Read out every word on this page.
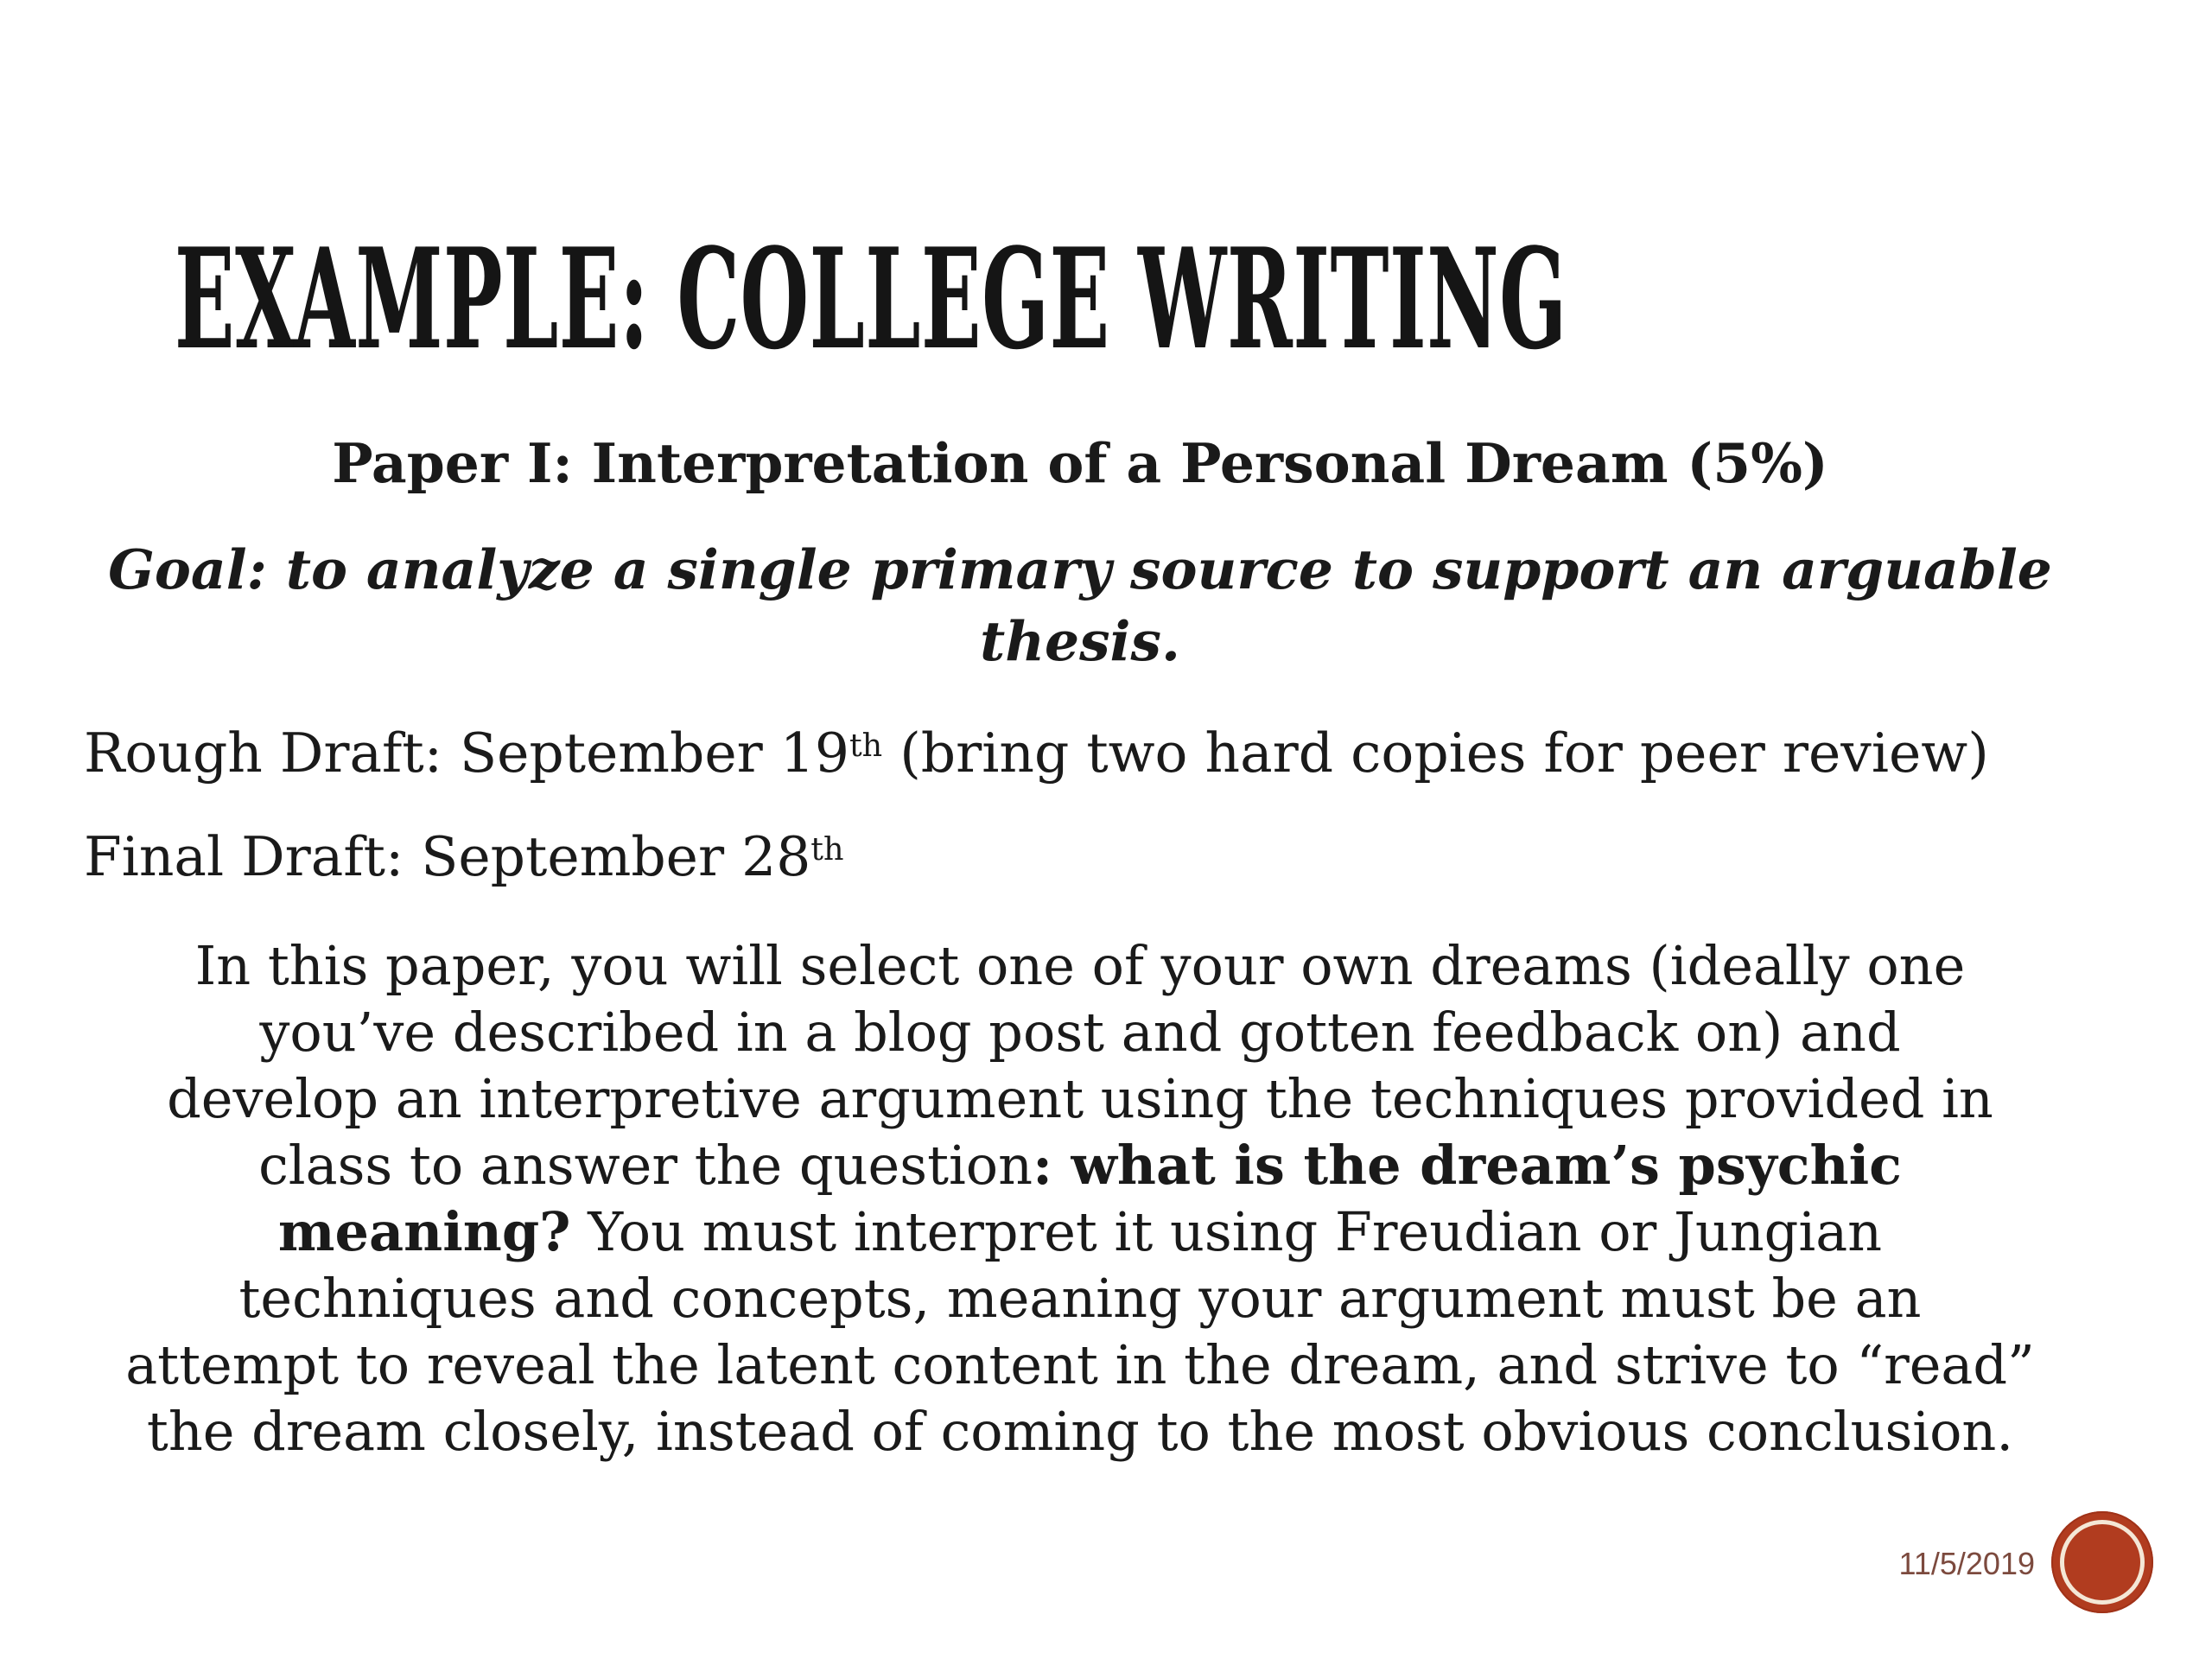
EXAMPLE: COLLEGE WRITING
Paper I: Interpretation of a Personal Dream (5%)
Goal: to analyze a single primary source to support an arguable
thesis.
Rough Draft: September 19th (bring two hard copies for peer review)
Final Draft: September 28th
In this paper, you will select one of your own dreams (ideally one
you’ve described in a blog post and gotten feedback on) and
develop an interpretive argument using the techniques provided in
class to answer the question: what is the dream’s psychic
meaning? You must interpret it using Freudian or Jungian
techniques and concepts, meaning your argument must be an
attempt to reveal the latent content in the dream, and strive to “read”
the dream closely, instead of coming to the most obvious conclusion.
11/5/2019
